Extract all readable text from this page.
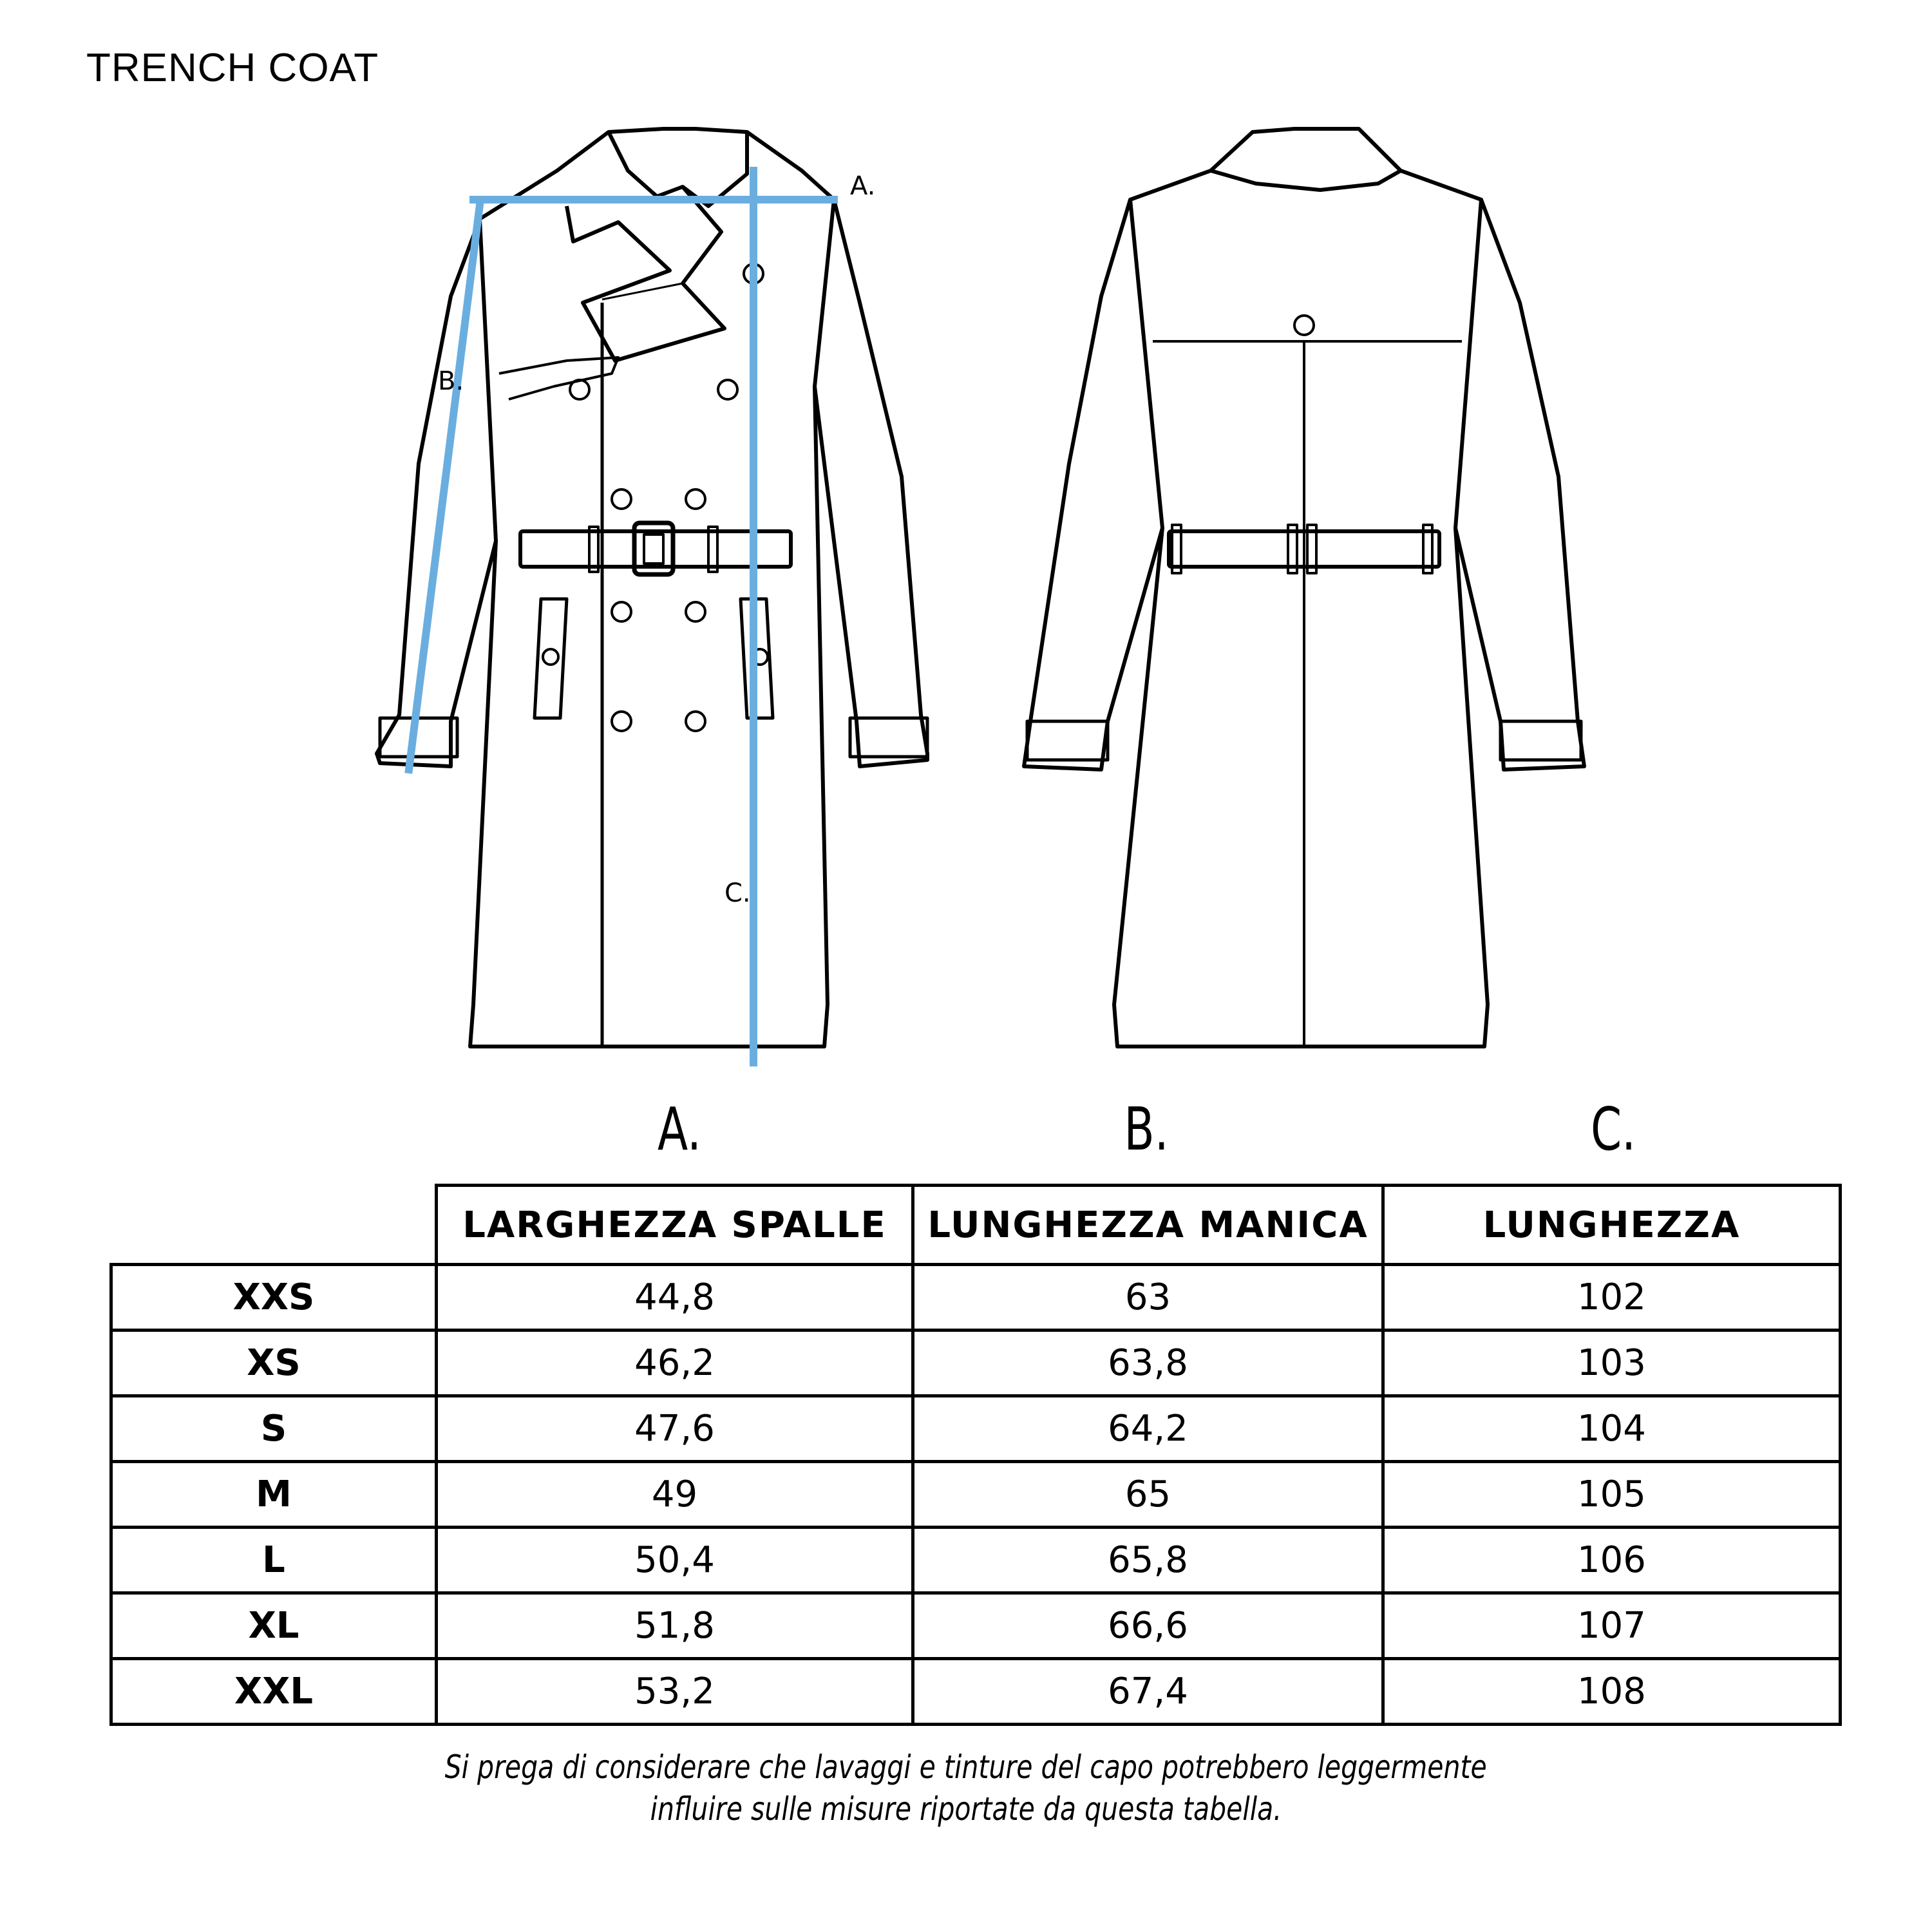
TRENCH COAT
A.
B.
C.
A.	B.	C.
	LARGHEZZA SPALLE	LUNGHEZZA MANICA	LUNGHEZZA
XXS	44,8	63	102
XS	46,2	63,8	103
S	47,6	64,2	104
M	49	65	105
L	50,4	65,8	106
XL	51,8	66,6	107
XXL	53,2	67,4	108
Si prega di considerare che lavaggi e tinture del capo potrebbero leggermente
influire sulle misure riportate da questa tabella.
